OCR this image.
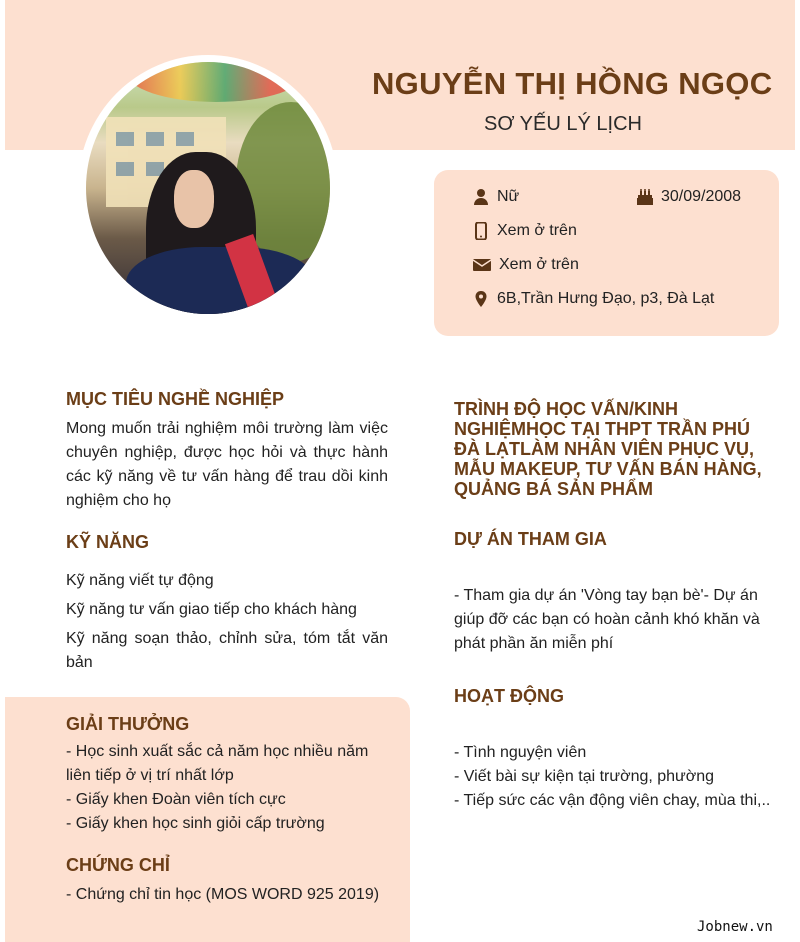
NGUYỄN THỊ HỒNG NGỌC
SƠ YẾU LÝ LỊCH
Nữ	30/09/2008
Xem ở trên
Xem ở trên
6B,Trần Hưng Đạo, p3, Đà Lạt
MỤC TIÊU NGHỀ NGHIỆP
Mong muốn trải nghiệm môi trường làm việc chuyên nghiệp, được học hỏi và thực hành các kỹ năng về tư vấn hàng để trau dồi kinh nghiệm cho họ
KỸ NĂNG
Kỹ năng viết tự động
Kỹ năng tư vấn giao tiếp cho khách hàng
Kỹ năng soạn thảo, chỉnh sửa, tóm tắt văn bản
GIẢI THƯỞNG
- Học sinh xuất sắc cả năm học nhiều năm liên tiếp ở vị trí nhất lớp
- Giấy khen Đoàn viên tích cực
- Giấy khen học sinh giỏi cấp trường
CHỨNG CHỈ
- Chứng chỉ tin học (MOS WORD 925 2019)
TRÌNH ĐỘ HỌC VẤN/KINH NGHIỆMHỌC TẠI THPT TRẦN PHÚ ĐÀ LẠTLÀM NHÂN VIÊN PHỤC VỤ, MẪU MAKEUP, TƯ VẤN BÁN HÀNG, QUẢNG BÁ SẢN PHẨM
DỰ ÁN THAM GIA
- Tham gia dự án 'Vòng tay bạn bè'- Dự án giúp đỡ các bạn có hoàn cảnh khó khăn và phát phần ăn miễn phí
HOẠT ĐỘNG
- Tình nguyện viên
- Viết bài sự kiện tại trường, phường
- Tiếp sức các vận động viên chay, mùa thi,..
Jobnew.vn
